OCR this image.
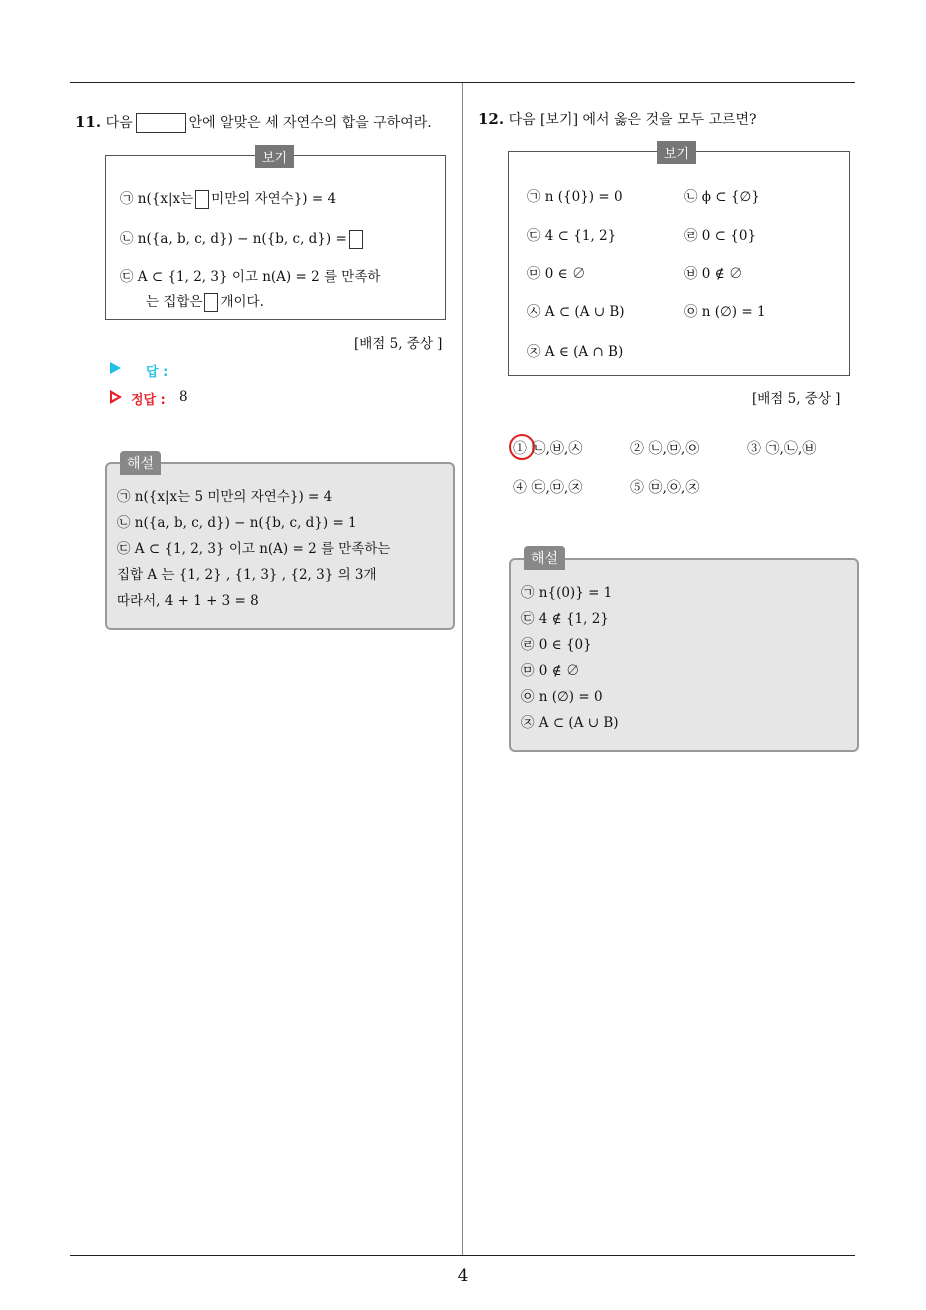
11. 다음	안에 알맞은 세 자연수의 합을 구하여라.
보기
㉠ n({x|x는 미만의 자연수}) = 4
㉡ n({a, b, c, d}) − n({b, c, d}) =
㉢ A ⊂ {1, 2, 3} 이고 n(A) = 2 를 만족하
는 집합은 개이다.
[배점 5, 중상 ]
답 :
정답 : 8
해설
㉠ n({x|x는 5 미만의 자연수}) = 4
㉡ n({a, b, c, d}) − n({b, c, d}) = 1
㉢ A ⊂ {1, 2, 3} 이고 n(A) = 2 를 만족하는
집합 A 는 {1, 2} , {1, 3} , {2, 3} 의 3개
따라서, 4 + 1 + 3 = 8
12. 다음 [보기] 에서 옳은 것을 모두 고르면?
보기
㉠ n ({0}) = 0	㉡ ϕ ⊂ {∅}
㉢ 4 ⊂ {1, 2}	㉣ 0 ⊂ {0}
㉤ 0 ∈ ∅	㉥ 0 ∉ ∅
㉦ A ⊂ (A ∪ B)	㉧ n (∅) = 1
㉨ A ∈ (A ∩ B)
[배점 5, 중상 ]
① ㉡,㉥,㉦	② ㉡,㉤,㉧	③ ㉠,㉡,㉥
④ ㉢,㉤,㉨	⑤ ㉤,㉧,㉨
해설
㉠ n{(0)} = 1
㉢ 4 ∉ {1, 2}
㉣ 0 ∈ {0}
㉤ 0 ∉ ∅
㉧ n (∅) = 0
㉨ A ⊂ (A ∪ B)
4
